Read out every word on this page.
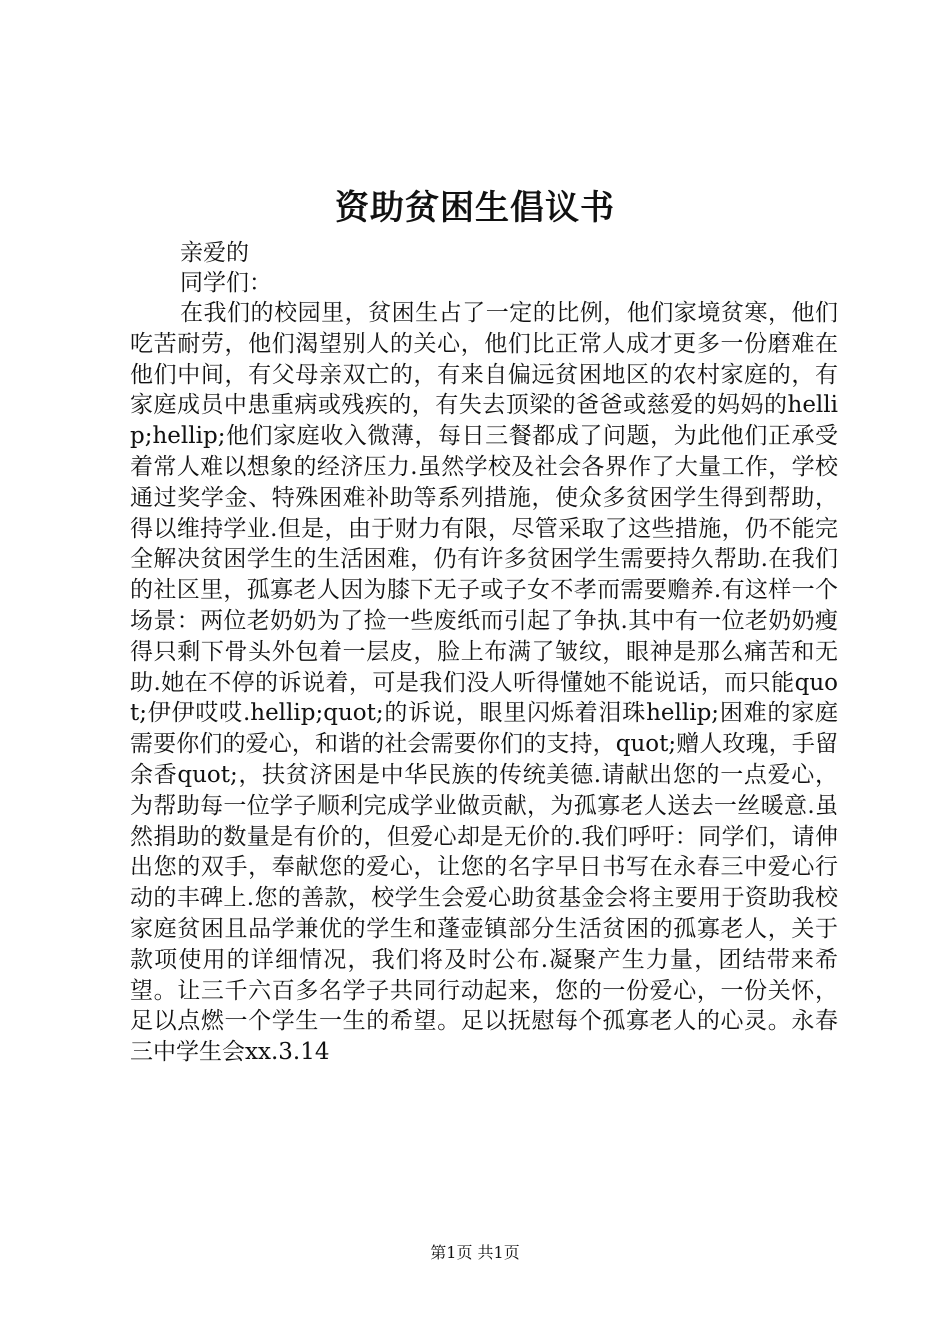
资助贫困生倡议书

亲爱的

同学们：

在我们的校园里，贫困生占了一定的比例，他们家境贫寒，他们吃苦耐劳，他们渴望别人的关心，他们比正常人成才更多一份磨难在他们中间，有父母亲双亡的，有来自偏远贫困地区的农村家庭的，有家庭成员中患重病或残疾的，有失去顶梁的爸爸或慈爱的妈妈的hellip;hellip;他们家庭收入微薄，每日三餐都成了问题，为此他们正承受着常人难以想象的经济压力.虽然学校及社会各界作了大量工作，学校通过奖学金、特殊困难补助等系列措施，使众多贫困学生得到帮助，得以维持学业.但是，由于财力有限，尽管采取了这些措施，仍不能完全解决贫困学生的生活困难，仍有许多贫困学生需要持久帮助.在我们的社区里，孤寡老人因为膝下无子或子女不孝而需要赡养.有这样一个场景：两位老奶奶为了捡一些废纸而引起了争执.其中有一位老奶奶瘦得只剩下骨头外包着一层皮，脸上布满了皱纹，眼神是那么痛苦和无助.她在不停的诉说着，可是我们没人听得懂她不能说话，而只能quot;伊伊哎哎.hellip;quot;的诉说，眼里闪烁着泪珠hellip;困难的家庭需要你们的爱心，和谐的社会需要你们的支持，quot;赠人玫瑰，手留余香quot;，扶贫济困是中华民族的传统美德.请献出您的一点爱心，为帮助每一位学子顺利完成学业做贡献，为孤寡老人送去一丝暖意.虽然捐助的数量是有价的，但爱心却是无价的.我们呼吁：同学们，请伸出您的双手，奉献您的爱心，让您的名字早日书写在永春三中爱心行动的丰碑上.您的善款，校学生会爱心助贫基金会将主要用于资助我校家庭贫困且品学兼优的学生和蓬壶镇部分生活贫困的孤寡老人，关于款项使用的详细情况，我们将及时公布.凝聚产生力量，团结带来希望。让三千六百多名学子共同行动起来，您的一份爱心，一份关怀，足以点燃一个学生一生的希望。足以抚慰每个孤寡老人的心灵。永春三中学生会xx.3.14

第1页 共1页
